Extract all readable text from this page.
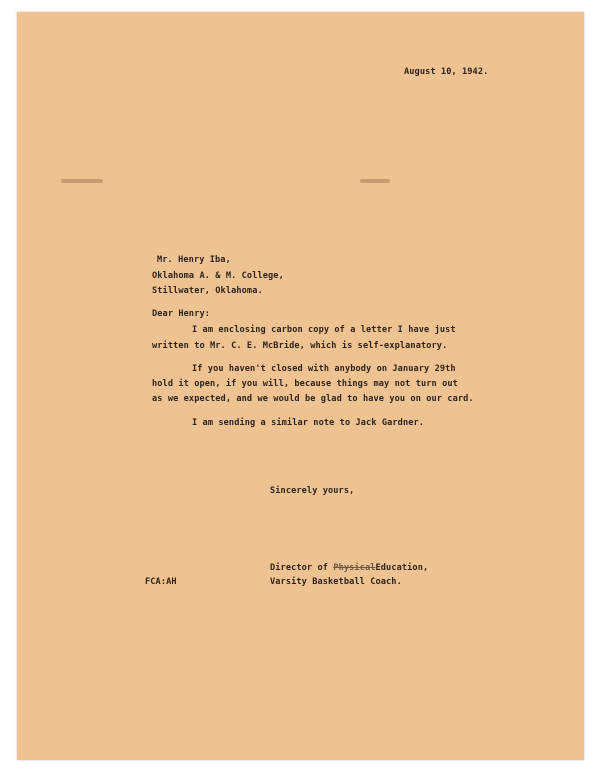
August 10, 1942.
Mr. Henry Iba,
Oklahoma A. & M. College,
Stillwater, Oklahoma.
Dear Henry:
I am enclosing carbon copy of a letter I have just
written to Mr. C. E. McBride, which is self-explanatory.
If you haven't closed with anybody on January 29th
hold it open, if you will, because things may not turn out
as we expected, and we would be glad to have you on our card.
I am sending a similar note to Jack Gardner.
Sincerely yours,
Director of PhysicalEducation,
Varsity Basketball Coach.
FCA:AH
